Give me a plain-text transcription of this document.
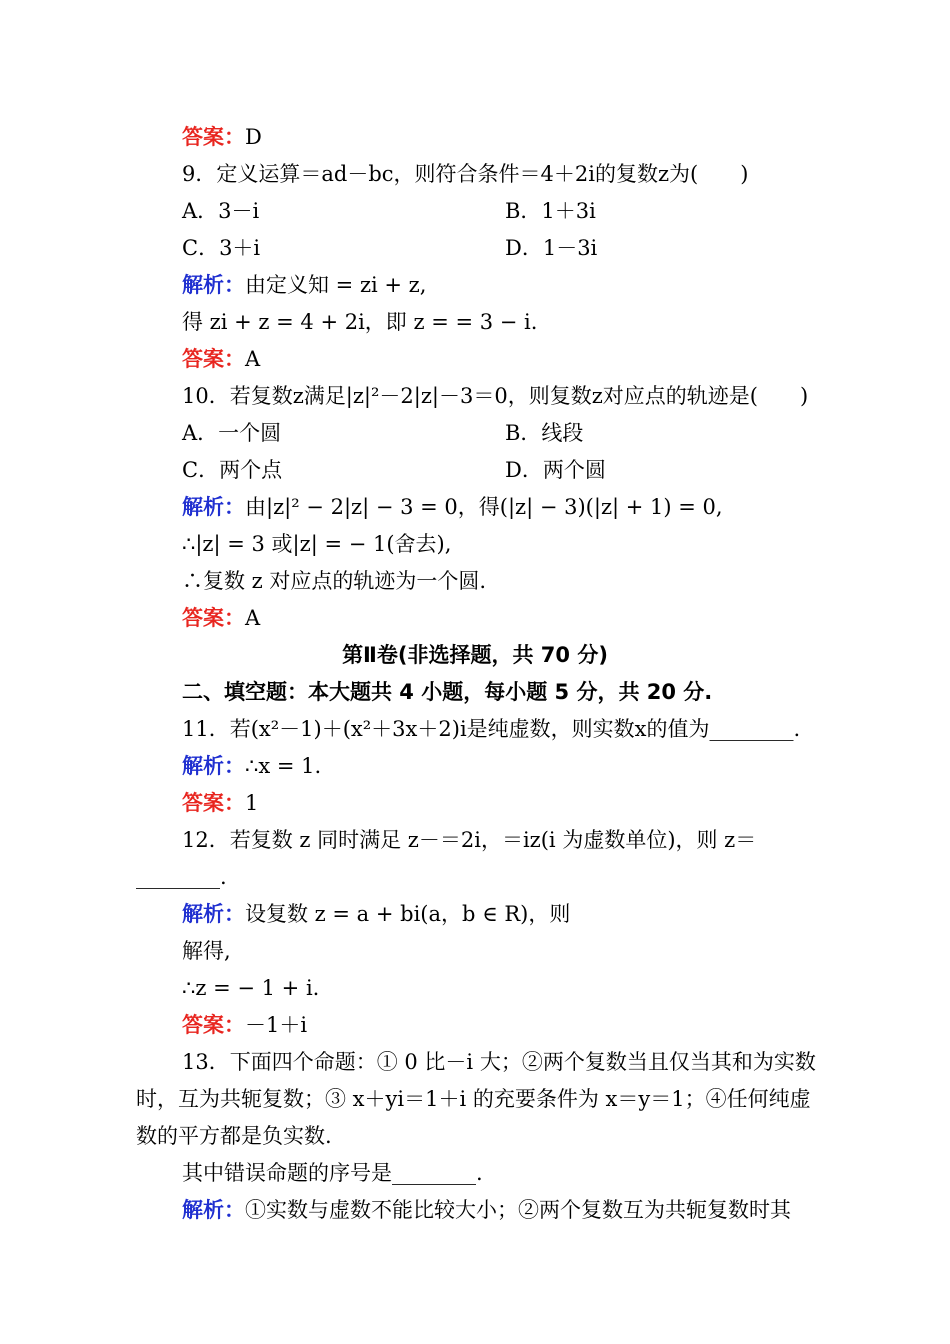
答案：D
9．定义运算＝ad－bc，则符合条件＝4＋2i的复数z为(　　)
A．3－i	B．1＋3i
C．3＋i	D．1－3i
解析：由定义知 = zi + z,
得 zi + z = 4 + 2i，即 z = = 3 − i.
答案：A
10．若复数z满足|z|²－2|z|－3＝0，则复数z对应点的轨迹是(　　)
A．一个圆	B．线段
C．两个点	D．两个圆
解析：由|z|² − 2|z| − 3 = 0，得(|z| − 3)(|z| + 1) = 0,
∴|z| = 3 或|z| = − 1(舍去),
∴复数 z 对应点的轨迹为一个圆.
答案：A
第Ⅱ卷(非选择题，共 70 分)
二、填空题：本大题共 4 小题，每小题 5 分，共 20 分.
11．若(x²－1)＋(x²＋3x＋2)i是纯虚数，则实数x的值为________.
解析：∴x = 1.
答案：1
12．若复数 z 同时满足 z－＝2i，＝iz(i 为虚数单位)，则 z＝
________.
解析：设复数 z = a + bi(a，b ∈ R)，则
解得,
∴z = − 1 + i.
答案：－1＋i
13．下面四个命题：① 0 比－i 大；②两个复数当且仅当其和为实数
时，互为共轭复数；③ x＋yi＝1＋i 的充要条件为 x＝y＝1；④任何纯虚
数的平方都是负实数.
其中错误命题的序号是________.
解析：①实数与虚数不能比较大小；②两个复数互为共轭复数时其
